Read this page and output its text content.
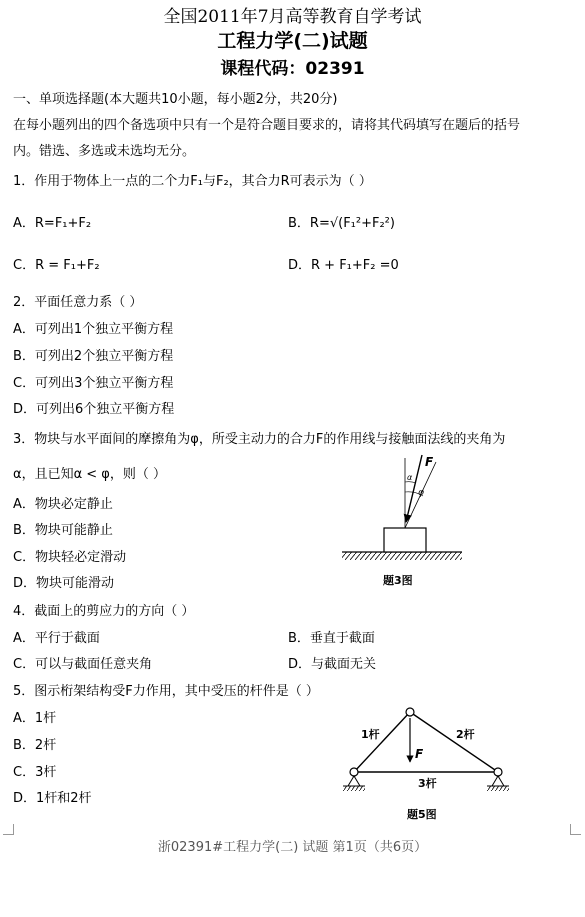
全国2011年7月高等教育自学考试
工程力学(二)试题
课程代码：02391
一、单项选择题(本大题共10小题，每小题2分，共20分)
在每小题列出的四个备选项中只有一个是符合题目要求的，请将其代码填写在题后的括号
内。错选、多选或未选均无分。
1．作用于物体上一点的二个力F₁与F₂，其合力R可表示为（ ）
A．R=F₁+F₂	B．R=√(F₁²+F₂²)
C．R = F₁+F₂	D．R + F₁+F₂ =0
2．平面任意力系（ ）
A．可列出1个独立平衡方程
B．可列出2个独立平衡方程
C．可列出3个独立平衡方程
D．可列出6个独立平衡方程
3．物块与水平面间的摩擦角为φ，所受主动力的合力F的作用线与接触面法线的夹角为
α，且已知α < φ，则（ ）
A．物块必定静止
B．物块可能静止
C．物块轻必定滑动
D．物块可能滑动
F
α
φ
题3图
4．截面上的剪应力的方向（ ）
A．平行于截面	B．垂直于截面
C．可以与截面任意夹角	D．与截面无关
5．图示桁架结构受F力作用，其中受压的杆件是（ ）
A．1杆
B．2杆
C．3杆
D．1杆和2杆
1杆	2杆
3杆
F
题5图
浙02391#工程力学(二) 试题 第1页（共6页）
